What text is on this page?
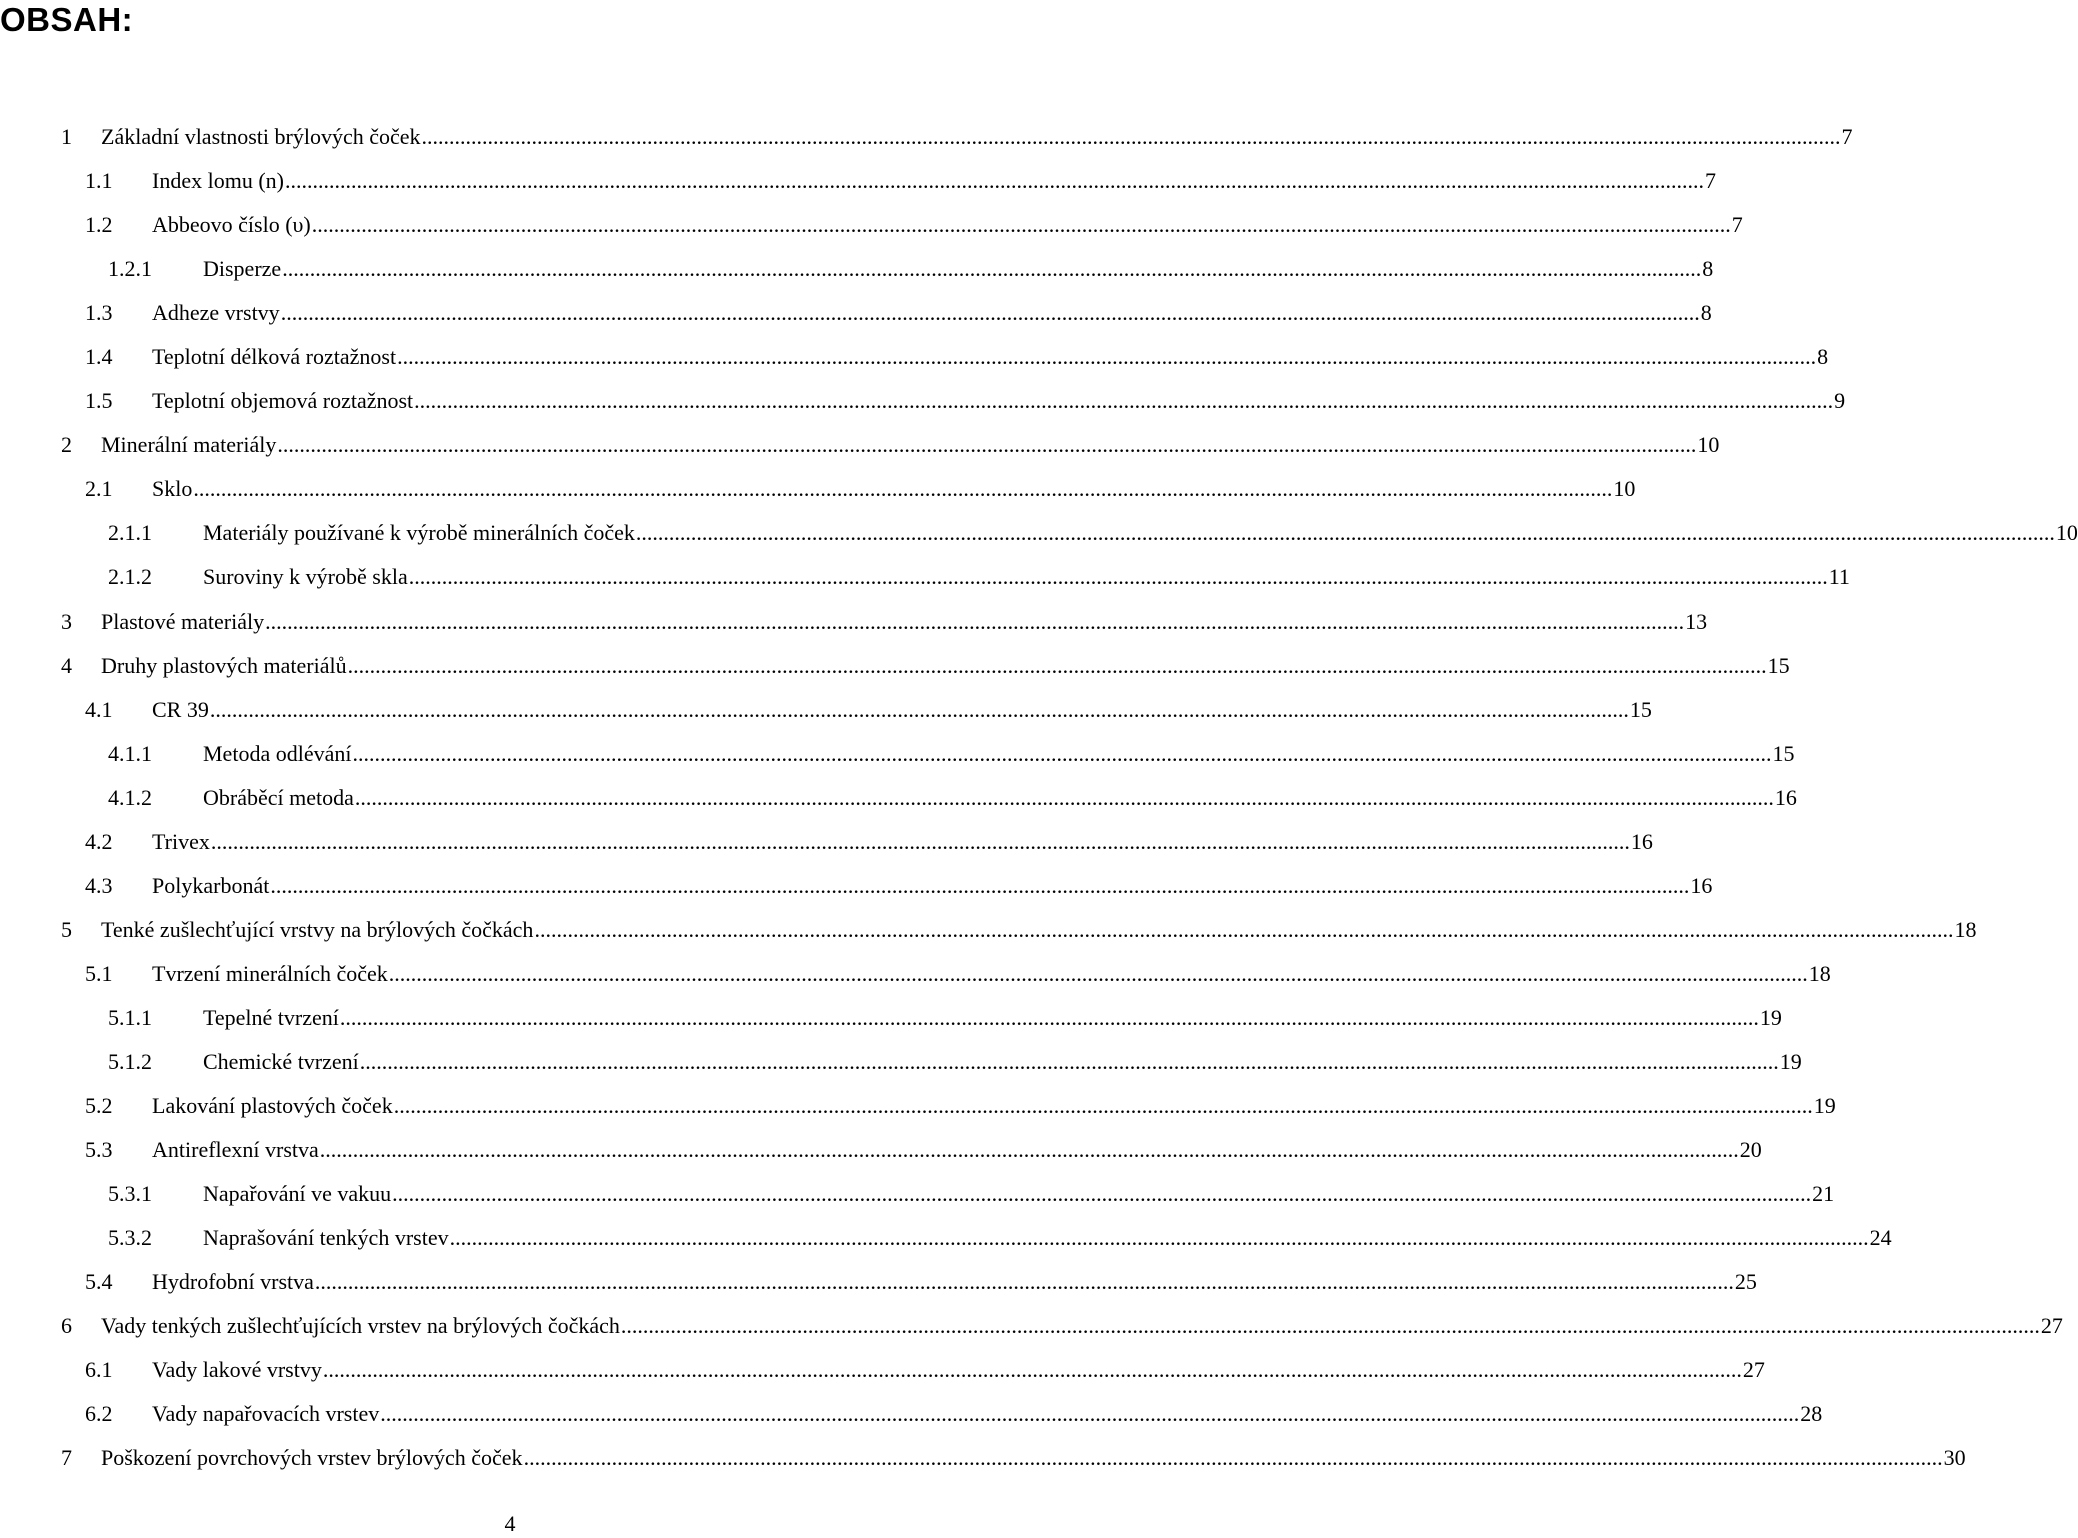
OBSAH:
1 Základní vlastnosti brýlových čoček .................................................................................................................................................................................................................................................................. 7
1.1 Index lomu (n) .................................................................................................................................................................................................................................................................. 7
1.2 Abbeovo číslo (υ) .................................................................................................................................................................................................................................................................. 7
1.2.1 Disperze .................................................................................................................................................................................................................................................................. 8
1.3 Adheze vrstvy .................................................................................................................................................................................................................................................................. 8
1.4 Teplotní délková roztažnost .................................................................................................................................................................................................................................................................. 8
1.5 Teplotní objemová roztažnost .................................................................................................................................................................................................................................................................. 9
2 Minerální materiály .................................................................................................................................................................................................................................................................. 10
2.1 Sklo .................................................................................................................................................................................................................................................................. 10
2.1.1 Materiály používané k výrobě minerálních čoček .................................................................................................................................................................................................................................................................. 10
2.1.2 Suroviny k výrobě skla .................................................................................................................................................................................................................................................................. 11
3 Plastové materiály .................................................................................................................................................................................................................................................................. 13
4 Druhy plastových materiálů .................................................................................................................................................................................................................................................................. 15
4.1 CR 39 .................................................................................................................................................................................................................................................................. 15
4.1.1 Metoda odlévání .................................................................................................................................................................................................................................................................. 15
4.1.2 Obráběcí metoda .................................................................................................................................................................................................................................................................. 16
4.2 Trivex .................................................................................................................................................................................................................................................................. 16
4.3 Polykarbonát .................................................................................................................................................................................................................................................................. 16
5 Tenké zušlechťující vrstvy na brýlových čočkách .................................................................................................................................................................................................................................................................. 18
5.1 Tvrzení minerálních čoček .................................................................................................................................................................................................................................................................. 18
5.1.1 Tepelné tvrzení .................................................................................................................................................................................................................................................................. 19
5.1.2 Chemické tvrzení .................................................................................................................................................................................................................................................................. 19
5.2 Lakování plastových čoček .................................................................................................................................................................................................................................................................. 19
5.3 Antireflexní vrstva .................................................................................................................................................................................................................................................................. 20
5.3.1 Napařování ve vakuu .................................................................................................................................................................................................................................................................. 21
5.3.2 Naprašování tenkých vrstev .................................................................................................................................................................................................................................................................. 24
5.4 Hydrofobní vrstva .................................................................................................................................................................................................................................................................. 25
6 Vady tenkých zušlechťujících vrstev na brýlových čočkách .................................................................................................................................................................................................................................................................. 27
6.1 Vady lakové vrstvy .................................................................................................................................................................................................................................................................. 27
6.2 Vady napařovacích vrstev .................................................................................................................................................................................................................................................................. 28
7 Poškození povrchových vrstev brýlových čoček .................................................................................................................................................................................................................................................................. 30
4
